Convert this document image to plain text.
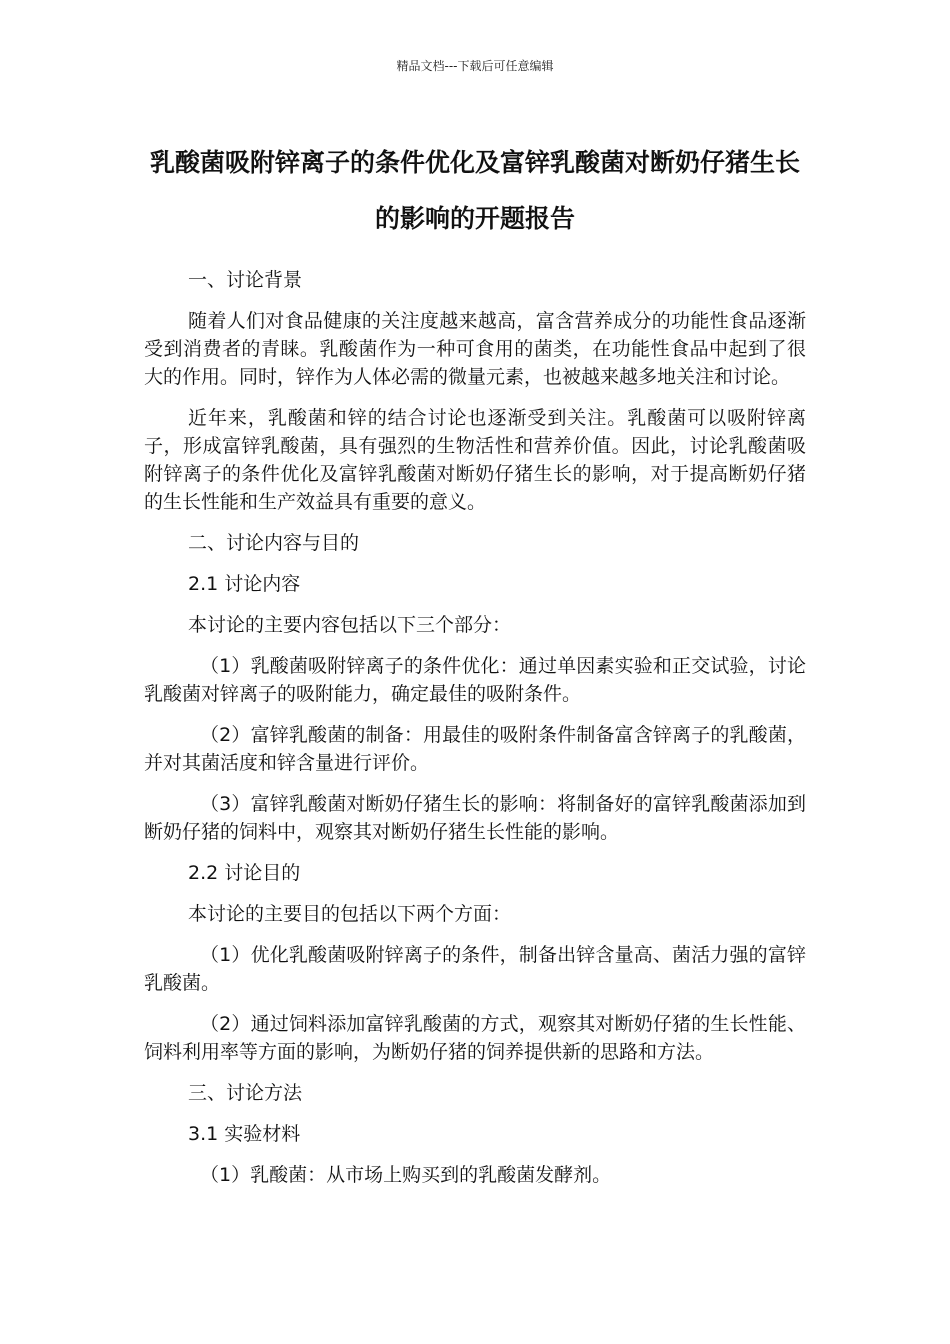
精品文档---下载后可任意编辑
乳酸菌吸附锌离子的条件优化及富锌乳酸菌对断奶仔猪生长的影响的开题报告

一、讨论背景

随着人们对食品健康的关注度越来越高，富含营养成分的功能性食品逐渐受到消费者的青睐。乳酸菌作为一种可食用的菌类，在功能性食品中起到了很大的作用。同时，锌作为人体必需的微量元素，也被越来越多地关注和讨论。

近年来，乳酸菌和锌的结合讨论也逐渐受到关注。乳酸菌可以吸附锌离子，形成富锌乳酸菌，具有强烈的生物活性和营养价值。因此，讨论乳酸菌吸附锌离子的条件优化及富锌乳酸菌对断奶仔猪生长的影响，对于提高断奶仔猪的生长性能和生产效益具有重要的意义。

二、讨论内容与目的

2.1 讨论内容

本讨论的主要内容包括以下三个部分：

（1）乳酸菌吸附锌离子的条件优化：通过单因素实验和正交试验，讨论乳酸菌对锌离子的吸附能力，确定最佳的吸附条件。

（2）富锌乳酸菌的制备：用最佳的吸附条件制备富含锌离子的乳酸菌，并对其菌活度和锌含量进行评价。

（3）富锌乳酸菌对断奶仔猪生长的影响：将制备好的富锌乳酸菌添加到断奶仔猪的饲料中，观察其对断奶仔猪生长性能的影响。

2.2 讨论目的

本讨论的主要目的包括以下两个方面：

（1）优化乳酸菌吸附锌离子的条件，制备出锌含量高、菌活力强的富锌乳酸菌。

（2）通过饲料添加富锌乳酸菌的方式，观察其对断奶仔猪的生长性能、饲料利用率等方面的影响，为断奶仔猪的饲养提供新的思路和方法。

三、讨论方法

3.1 实验材料

（1）乳酸菌：从市场上购买到的乳酸菌发酵剂。
